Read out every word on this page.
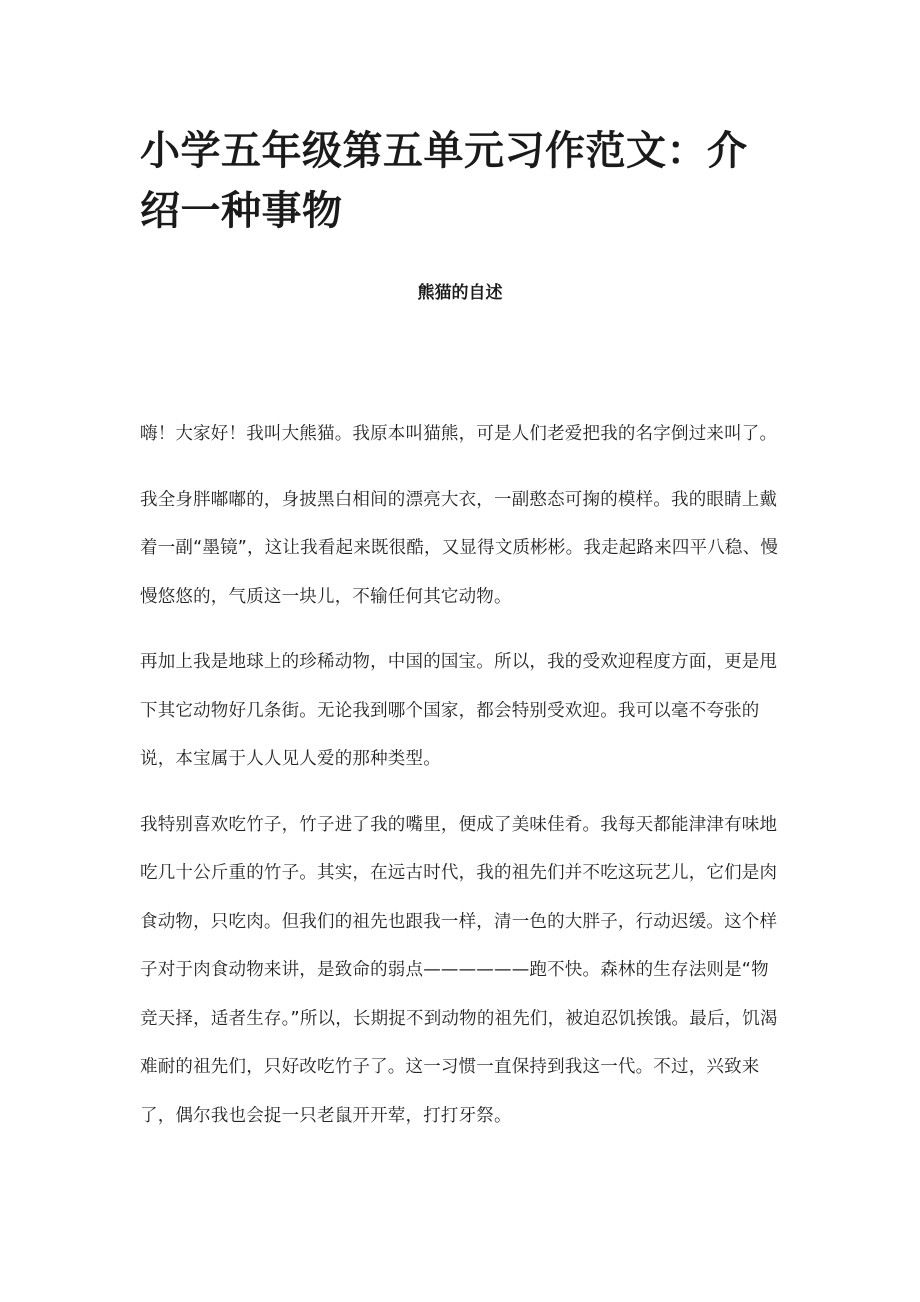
小学五年级第五单元习作范文：介绍一种事物
熊猫的自述

嗨！大家好！我叫大熊猫。我原本叫猫熊，可是人们老爱把我的名字倒过来叫了。

我全身胖嘟嘟的，身披黑白相间的漂亮大衣，一副憨态可掬的模样。我的眼睛上戴着一副“墨镜”，这让我看起来既很酷，又显得文质彬彬。我走起路来四平八稳、慢慢悠悠的，气质这一块儿，不输任何其它动物。

再加上我是地球上的珍稀动物，中国的国宝。所以，我的受欢迎程度方面，更是甩下其它动物好几条街。无论我到哪个国家，都会特别受欢迎。我可以毫不夸张的说，本宝属于人人见人爱的那种类型。

我特别喜欢吃竹子，竹子进了我的嘴里，便成了美味佳肴。我每天都能津津有味地吃几十公斤重的竹子。其实，在远古时代，我的祖先们并不吃这玩艺儿，它们是肉食动物，只吃肉。但我们的祖先也跟我一样，清一色的大胖子，行动迟缓。这个样子对于肉食动物来讲，是致命的弱点——————跑不快。森林的生存法则是“物竞天择，适者生存。”所以，长期捉不到动物的祖先们，被迫忍饥挨饿。最后，饥渴难耐的祖先们，只好改吃竹子了。这一习惯一直保持到我这一代。不过，兴致来了，偶尔我也会捉一只老鼠开开荤，打打牙祭。
